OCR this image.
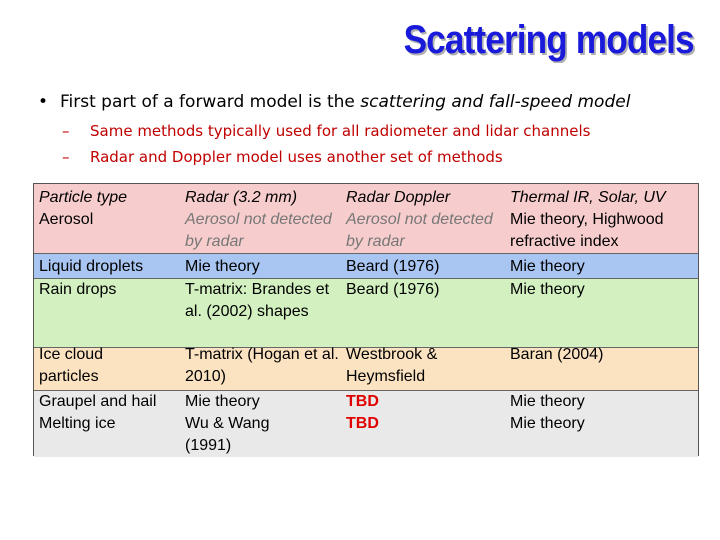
Scattering models
• First part of a forward model is the scattering and fall-speed model
– Same methods typically used for all radiometer and lidar channels
– Radar and Doppler model uses another set of methods
Particle type
Aerosol
Liquid droplets
Rain drops
Ice cloud particles
Graupel and hail
Melting ice
Radar (3.2 mm)
Aerosol not detected by radar
Mie theory
T-matrix: Brandes et al. (2002) shapes
T-matrix (Hogan et al. 2010)
Mie theory
Wu & Wang (1991)
Radar Doppler
Aerosol not detected by radar
Beard (1976)
Beard (1976)
Westbrook & Heymsfield
TBD
TBD
Thermal IR, Solar, UV
Mie theory, Highwood refractive index
Mie theory
Mie theory
Baran (2004)
Mie theory
Mie theory
